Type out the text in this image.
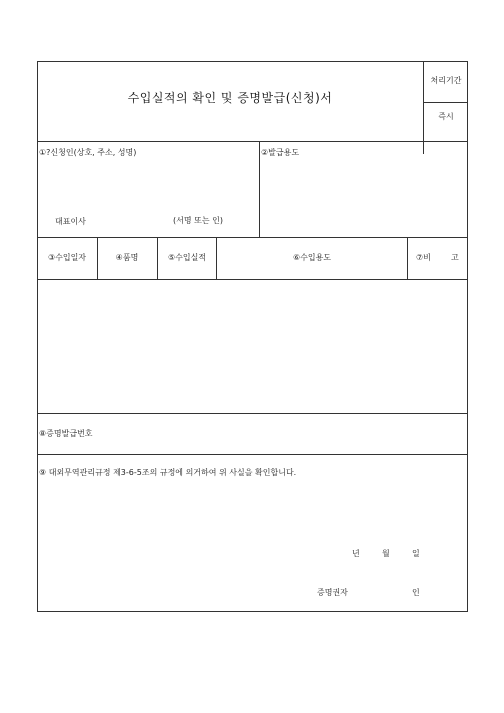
수입실적의 확인 및 증명발급(신청)서
처리기간
즉시
①?신청인(상호, 주소, 성명)
대표이사	(서명 또는 인)
②발급용도
③수입일자	④품명	⑤수입실적	⑥수입용도	⑦비	고
⑧증명발급번호
⑨ 대외무역관리규정 제3-6-5조의 규정에 의거하여 위 사실을 확인합니다.
년	월	일
증명권자	인
